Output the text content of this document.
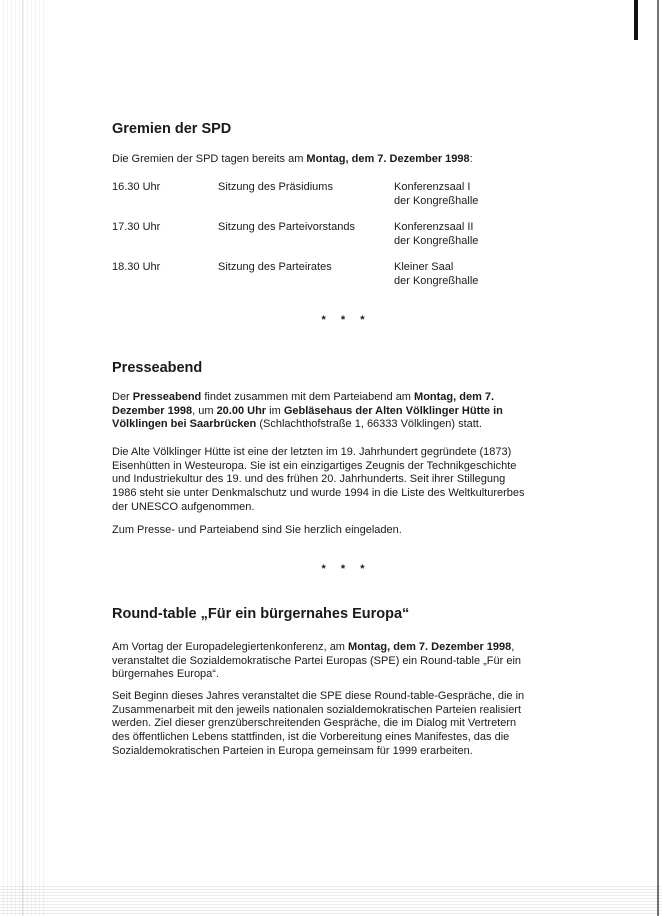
Gremien der SPD

Die Gremien der SPD tagen bereits am Montag, dem 7. Dezember 1998:

16.30 Uhr	Sitzung des Präsidiums	Konferenzsaal I
der Kongreßhalle
17.30 Uhr	Sitzung des Parteivorstands	Konferenzsaal II
der Kongreßhalle
18.30 Uhr	Sitzung des Parteirates	Kleiner Saal
der Kongreßhalle
* * *
Presseabend

Der Presseabend findet zusammen mit dem Parteiabend am Montag, dem 7. Dezember 1998, um 20.00 Uhr im Gebläsehaus der Alten Völklinger Hütte in Völklingen bei Saarbrücken (Schlachthofstraße 1, 66333 Völklingen) statt.

Die Alte Völklinger Hütte ist eine der letzten im 19. Jahrhundert gegründete (1873) Eisenhütten in Westeuropa. Sie ist ein einzigartiges Zeugnis der Technikgeschichte und Industriekultur des 19. und des frühen 20. Jahrhunderts. Seit ihrer Stillegung 1986 steht sie unter Denkmalschutz und wurde 1994 in die Liste des Weltkulturerbes der UNESCO aufgenommen.

Zum Presse- und Parteiabend sind Sie herzlich eingeladen.

* * *
Round-table „Für ein bürgernahes Europa“

Am Vortag der Europadelegiertenkonferenz, am Montag, dem 7. Dezember 1998, veranstaltet die Sozialdemokratische Partei Europas (SPE) ein Round-table „Für ein bürgernahes Europa“.

Seit Beginn dieses Jahres veranstaltet die SPE diese Round-table-Gespräche, die in Zusammenarbeit mit den jeweils nationalen sozialdemokratischen Parteien realisiert werden. Ziel dieser grenzüberschreitenden Gespräche, die im Dialog mit Vertretern des öffentlichen Lebens stattfinden, ist die Vorbereitung eines Manifestes, das die Sozialdemokratischen Parteien in Europa gemeinsam für 1999 erarbeiten.
